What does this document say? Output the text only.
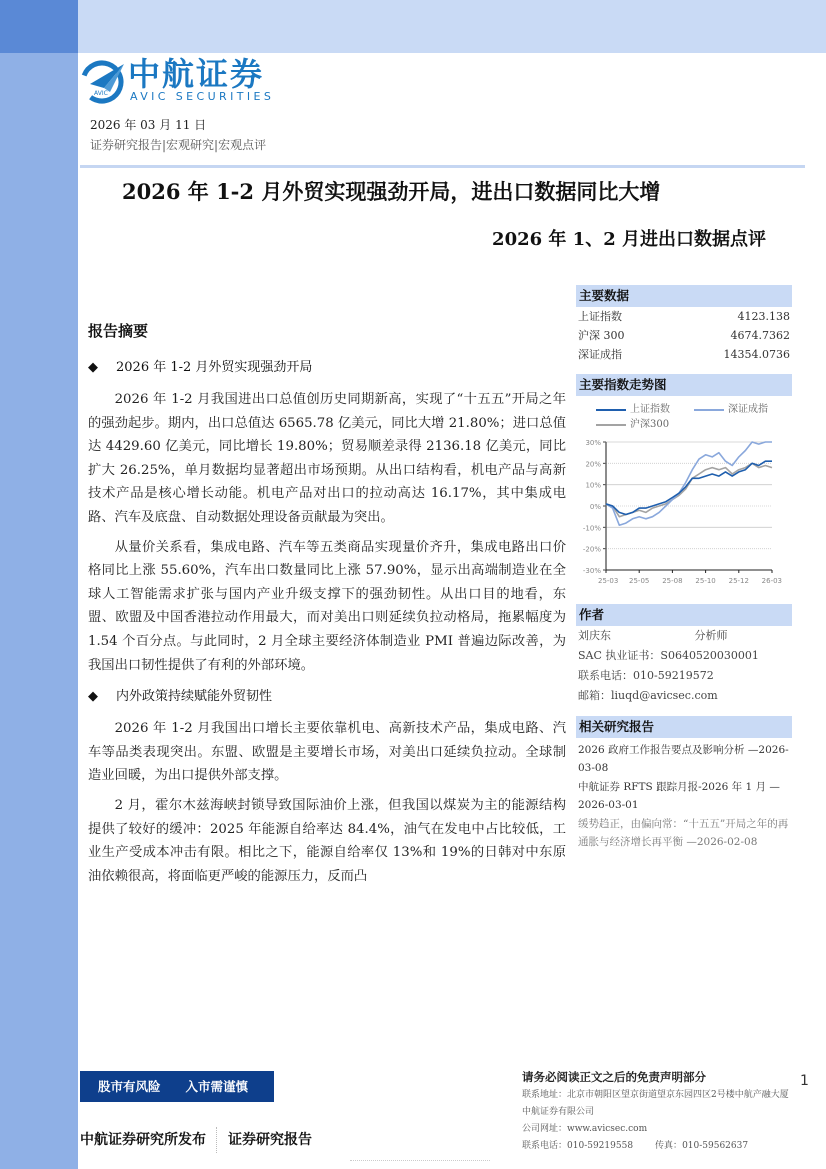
AVIC
中航证券
AVIC SECURITIES
2026 年 03 月 11 日
证券研究报告|宏观研究|宏观点评
2026 年 1-2 月外贸实现强劲开局，进出口数据同比大增
2026 年 1、2 月进出口数据点评
报告摘要
◆ 2026 年 1-2 月外贸实现强劲开局

2026 年 1-2 月我国进出口总值创历史同期新高，实现了“十五五”开局之年的强劲起步。期内，出口总值达 6565.78 亿美元，同比大增 21.80%；进口总值达 4429.60 亿美元，同比增长 19.80%；贸易顺差录得 2136.18 亿美元，同比扩大 26.25%，单月数据均显著超出市场预期。从出口结构看，机电产品与高新技术产品是核心增长动能。机电产品对出口的拉动高达 16.17%，其中集成电路、汽车及底盘、自动数据处理设备贡献最为突出。

从量价关系看，集成电路、汽车等五类商品实现量价齐升，集成电路出口价格同比上涨 55.60%，汽车出口数量同比上涨 57.90%，显示出高端制造业在全球人工智能需求扩张与国内产业升级支撑下的强劲韧性。从出口目的地看，东盟、欧盟及中国香港拉动作用最大，而对美出口则延续负拉动格局，拖累幅度为 1.54 个百分点。与此同时，2 月全球主要经济体制造业 PMI 普遍边际改善，为我国出口韧性提供了有利的外部环境。

◆ 内外政策持续赋能外贸韧性

2026 年 1-2 月我国出口增长主要依靠机电、高新技术产品，集成电路、汽车等品类表现突出。东盟、欧盟是主要增长市场，对美出口延续负拉动。全球制造业回暖，为出口提供外部支撑。

2 月，霍尔木兹海峡封锁导致国际油价上涨，但我国以煤炭为主的能源结构提供了较好的缓冲：2025 年能源自给率达 84.4%，油气在发电中占比较低，工业生产受成本冲击有限。相比之下，能源自给率仅 13%和 19%的日韩对中东原油依赖很高，将面临更严峻的能源压力，反而凸

主要数据
上证指数	4123.138
沪深 300	4674.7362
深证成指	14354.0736
主要指数走势图
上证指数	深证成指
沪深300
30%
20%
10%
0%
-10%
-20%
-30%
25-03 25-05 25-08 25-10 25-12 26-03
作者
刘庆东	分析师
SAC 执业证书：S0640520030001
联系电话：010-59219572
邮箱：liuqd@avicsec.com
相关研究报告
2026 政府工作报告要点及影响分析 —2026-03-08
中航证券 RFTS 跟踪月报-2026 年 1 月 —2026-03-01
缓势趋正，由偏向常：“十五五”开局之年的再通胀与经济增长再平衡 —2026-02-08
股市有风险　　入市需谨慎
中航证券研究所发布 证券研究报告
请务必阅读正文之后的免责声明部分
联系地址：北京市朝阳区望京街道望京东园四区2号楼中航产融大厦中航证券有限公司
公司网址：www.avicsec.com
联系电话：010-59219558 传真：010-59562637
1
